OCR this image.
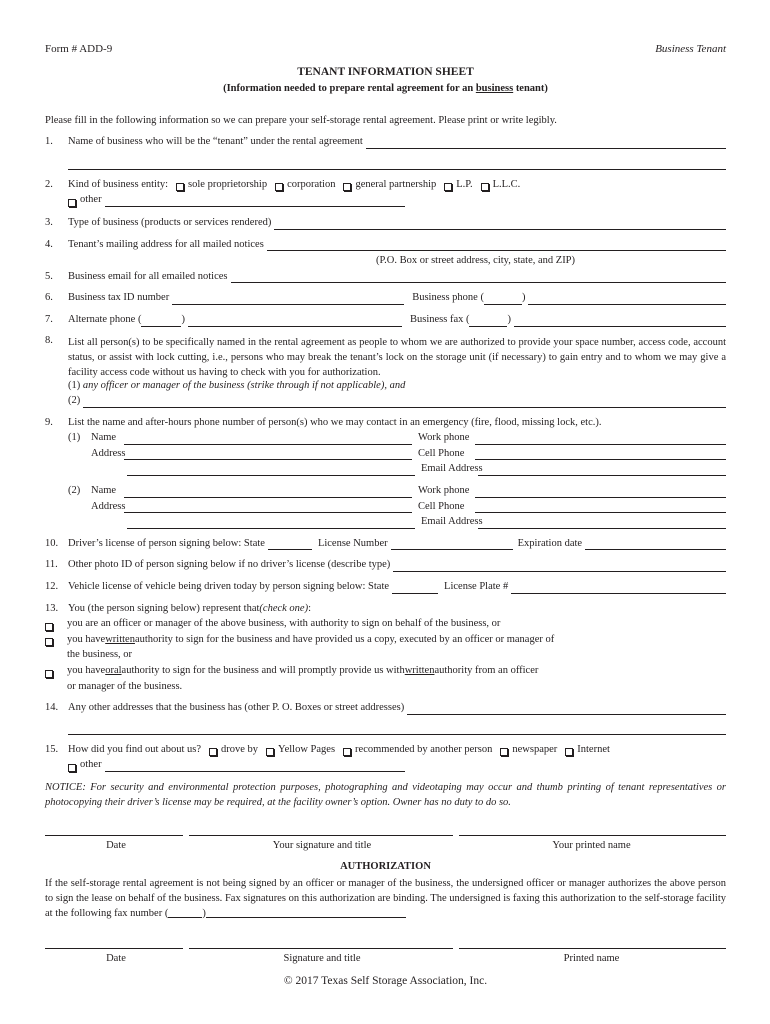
Form # ADD-9	Business Tenant
TENANT INFORMATION SHEET
(Information needed to prepare rental agreement for an business tenant)
Please fill in the following information so we can prepare your self-storage rental agreement. Please print or write legibly.
1.	Name of business who will be the “tenant” under the rental agreement
2.	Kind of business entity: sole proprietorship corporation general partnership L.P. L.L.C.
other
3.	Type of business (products or services rendered)
4.	Tenant’s mailing address for all mailed notices
(P.O. Box or street address, city, state, and ZIP)
5.	Business email for all emailed notices
6.	Business tax ID number	Business phone (	)
7.	Alternate phone (	)	Business fax (	)
8.	List all person(s) to be specifically named in the rental agreement as people to whom we are authorized to provide your space number, access code, account status, or assist with lock cutting, i.e., persons who may break the tenant’s lock on the storage unit (if necessary) to gain entry and to whom we may give a facility access code without us having to check with you for authorization.
(1)
any officer or manager of the business (strike through if not applicable), and
(2)
9.	List the name and after-hours phone number of person(s) who we may contact in an emergency (fire, flood, missing lock, etc.).
(1)	Name	Work phone
Address	Cell Phone
Email Address
(2)	Name	Work phone
Address	Cell Phone
Email Address
10. Driver’s license of person signing below: State	License Number	Expiration date
11. Other photo ID of person signing below if no driver’s license (describe type)
12. Vehicle license of vehicle being driven today by person signing below: State	License Plate #
13. You (the person signing below) represent that (check one) :
you are an officer or manager of the above business, with authority to sign on behalf of the business, or
you have written authority to sign for the business and have provided us a copy, executed by an officer or manager of
the business, or
you have oral authority to sign for the business and will promptly provide us with written authority from an officer
or manager of the business.
14. Any other addresses that the business has (other P. O. Boxes or street addresses)
15. How did you find out about us? drove by Yellow Pages recommended by another person newspaper Internet
other
NOTICE: For security and environmental protection purposes, photographing and videotaping may occur and thumb printing of tenant representatives or photocopying their driver’s license may be required, at the facility owner’s option. Owner has no duty to do so.
Date	Your signature and title	Your printed name
AUTHORIZATION
If the self-storage rental agreement is not being signed by an officer or manager of the business, the undersigned officer or manager authorizes the above person to sign the lease on behalf of the business. Fax signatures on this authorization are binding. The undersigned is faxing this authorization to the self-storage facility at the following fax number (	)
Date	Signature and title	Printed name
© 2017 Texas Self Storage Association, Inc.
